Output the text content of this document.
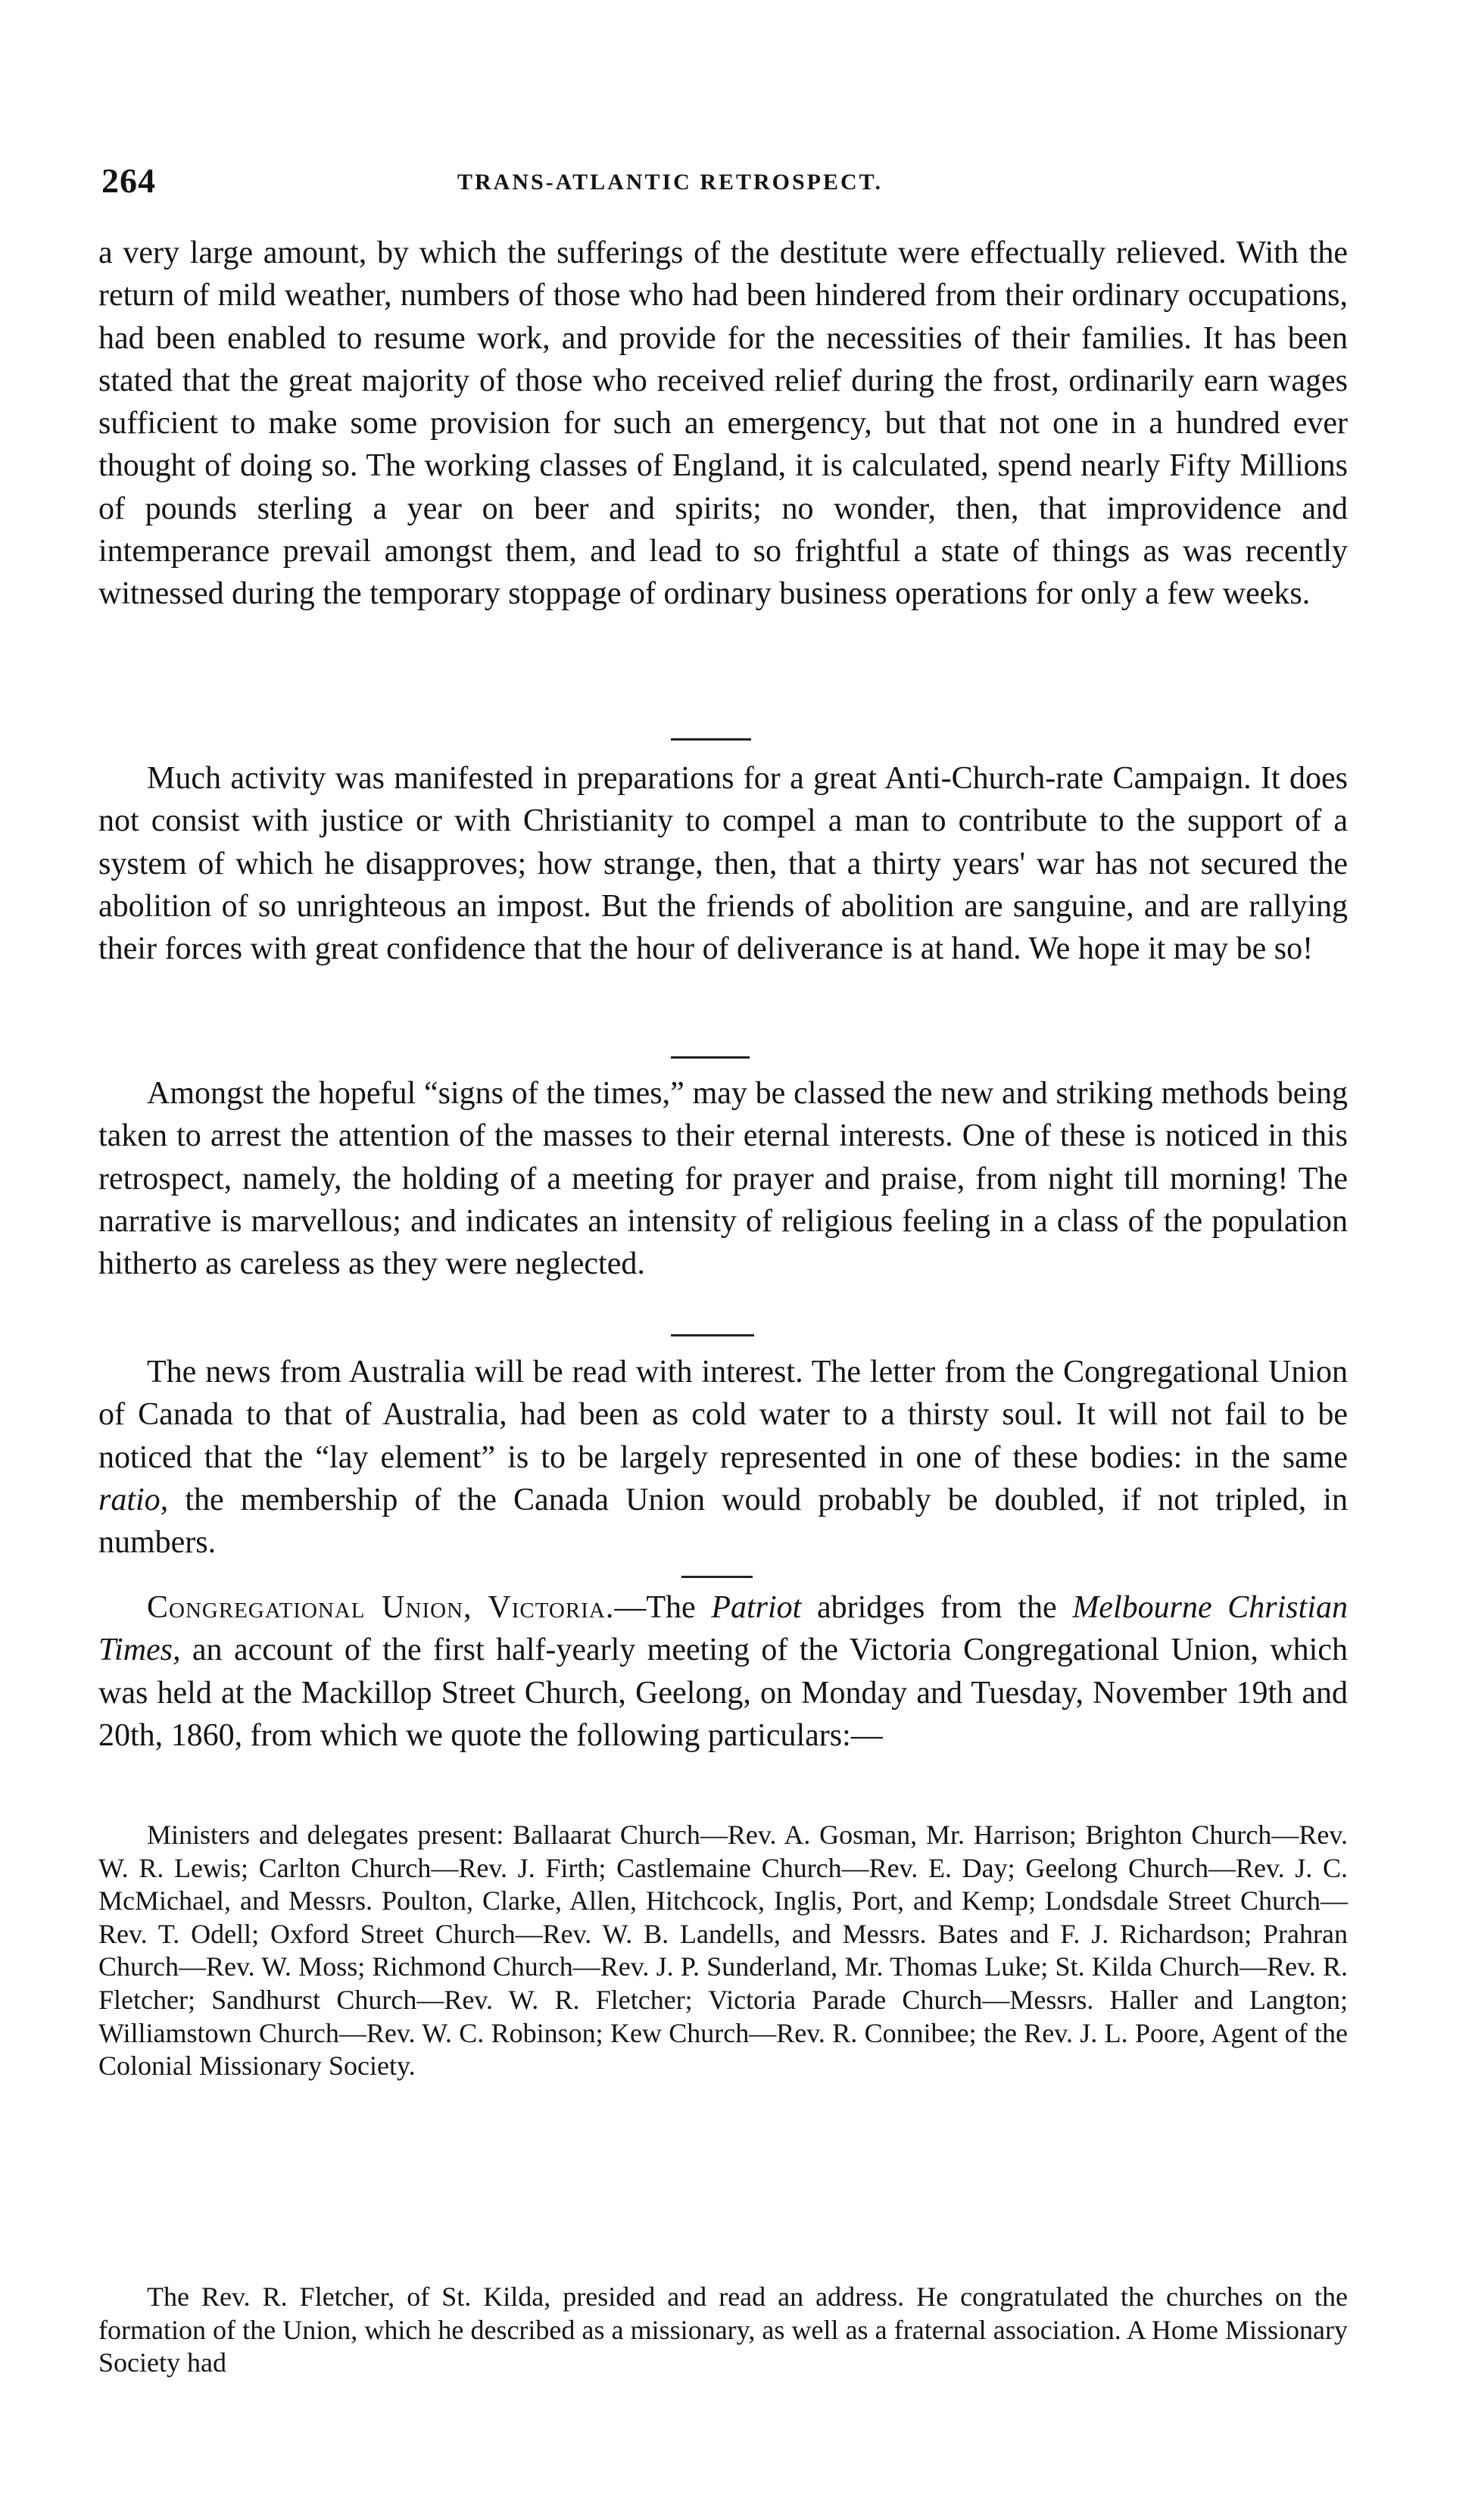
264	TRANS-ATLANTIC RETROSPECT.

a very large amount, by which the sufferings of the destitute were effectually relieved. With the return of mild weather, numbers of those who had been hindered from their ordinary occupations, had been enabled to resume work, and provide for the necessities of their families. It has been stated that the great majority of those who received relief during the frost, ordinarily earn wages sufficient to make some provision for such an emergency, but that not one in a hundred ever thought of doing so. The working classes of England, it is calculated, spend nearly Fifty Millions of pounds sterling a year on beer and spirits; no wonder, then, that improvidence and intemperance prevail amongst them, and lead to so frightful a state of things as was recently witnessed during the temporary stoppage of ordinary business operations for only a few weeks.

Much activity was manifested in preparations for a great Anti-Church-rate Campaign. It does not consist with justice or with Christianity to compel a man to contribute to the support of a system of which he disapproves; how strange, then, that a thirty years' war has not secured the abolition of so unrighteous an impost. But the friends of abolition are sanguine, and are rallying their forces with great confidence that the hour of deliverance is at hand. We hope it may be so!

Amongst the hopeful “signs of the times,” may be classed the new and striking methods being taken to arrest the attention of the masses to their eternal interests. One of these is noticed in this retrospect, namely, the holding of a meeting for prayer and praise, from night till morning! The narrative is marvellous; and indicates an intensity of religious feeling in a class of the population hitherto as careless as they were neglected.

The news from Australia will be read with interest. The letter from the Congregational Union of Canada to that of Australia, had been as cold water to a thirsty soul. It will not fail to be noticed that the “lay element” is to be largely represented in one of these bodies: in the same ratio, the membership of the Canada Union would probably be doubled, if not tripled, in numbers.

Congregational Union, Victoria.—The Patriot abridges from the Melbourne Christian Times, an account of the first half-yearly meeting of the Victoria Congregational Union, which was held at the Mackillop Street Church, Geelong, on Monday and Tuesday, November 19th and 20th, 1860, from which we quote the following particulars:—

Ministers and delegates present: Ballaarat Church—Rev. A. Gosman, Mr. Harrison; Brighton Church—Rev. W. R. Lewis; Carlton Church—Rev. J. Firth; Castlemaine Church—Rev. E. Day; Geelong Church—Rev. J. C. McMichael, and Messrs. Poulton, Clarke, Allen, Hitchcock, Inglis, Port, and Kemp; Londsdale Street Church—Rev. T. Odell; Oxford Street Church—Rev. W. B. Landells, and Messrs. Bates and F. J. Richardson; Prahran Church—Rev. W. Moss; Richmond Church—Rev. J. P. Sunderland, Mr. Thomas Luke; St. Kilda Church—Rev. R. Fletcher; Sandhurst Church—Rev. W. R. Fletcher; Victoria Parade Church—Messrs. Haller and Langton; Williamstown Church—Rev. W. C. Robinson; Kew Church—Rev. R. Connibee; the Rev. J. L. Poore, Agent of the Colonial Missionary Society.

The Rev. R. Fletcher, of St. Kilda, presided and read an address. He congratulated the churches on the formation of the Union, which he described as a missionary, as well as a fraternal association. A Home Missionary Society had
